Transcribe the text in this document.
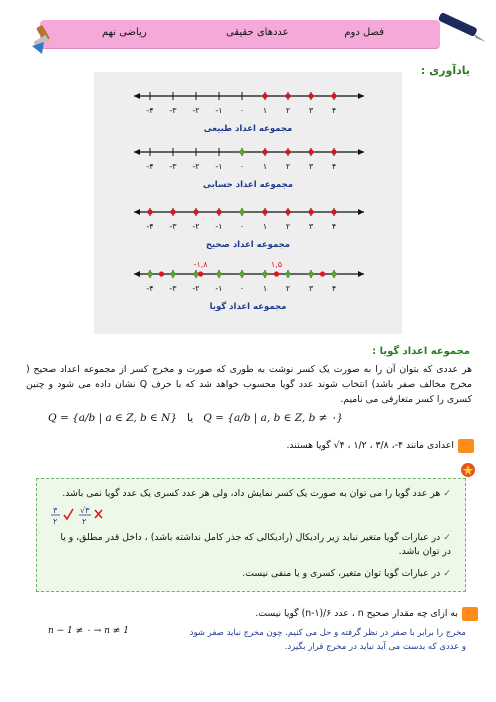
فصل دوم
عددهای حقیقی
ریاضی نهم
یادآوری :
-۴ -۳ -۲ -۱ ۰ ۱ ۲ ۳ ۴
مجموعه اعداد طبیعی
-۴ -۳ -۲ -۱ ۰ ۱ ۲ ۳ ۴
مجموعه اعداد حسابی
-۴ -۳ -۲ -۱ ۰ ۱ ۲ ۳ ۴
مجموعه اعداد صحیح
-۴ -۳ -۲ -۱ ۰ ۱ ۲ ۳ ۴
-۱,۸	۱,۵
مجموعه اعداد گویا
مجموعه اعداد گویا :
هر عددی که بتوان آن را به صورت یک کسر نوشت به طوری که صورت و مخرج کسر از مجموعه اعداد صحیح ( مخرج مخالف صفر باشد) انتخاب شوند عدد گویا محسوب خواهد شد که با حرف Q نشان داده می شود و چنین کسری را کسر متعارفی می نامیم.
Q = {a/b | a ∈ Z, b ∈ N} یا Q = {a/b | a, b ∈ Z, b ≠ ۰}
اعدادی مانند ۴-، ۳/۸ ، ۱/۲ ، ۴√ گویا هستند.
✓ هر عدد گویا را می توان به صورت یک کسر نمایش داد، ولی هر عدد کسری یک عدد گویا نمی باشد.
۳
۲
√۳
۲
✓ در عبارات گویا متغیر نباید زیر رادیکال (رادیکالی که جذر کامل نداشته باشد) ، داخل قدر مطلق، و یا در توان باشد.
✓ در عبارات گویا توان متغیر، کسری و یا منفی نیست.
به ازای چه مقدار صحیح n ، عدد ۶/(n-۱) گویا نیست.
مخرج را برابر با صفر در نظر گرفته و حل می کنیم. چون مخرج نباید صفر شود
و عددی که بدست می آید نباید در مخرج قرار بگیرد.
n − 1 ≠ ۰ → n ≠ 1
